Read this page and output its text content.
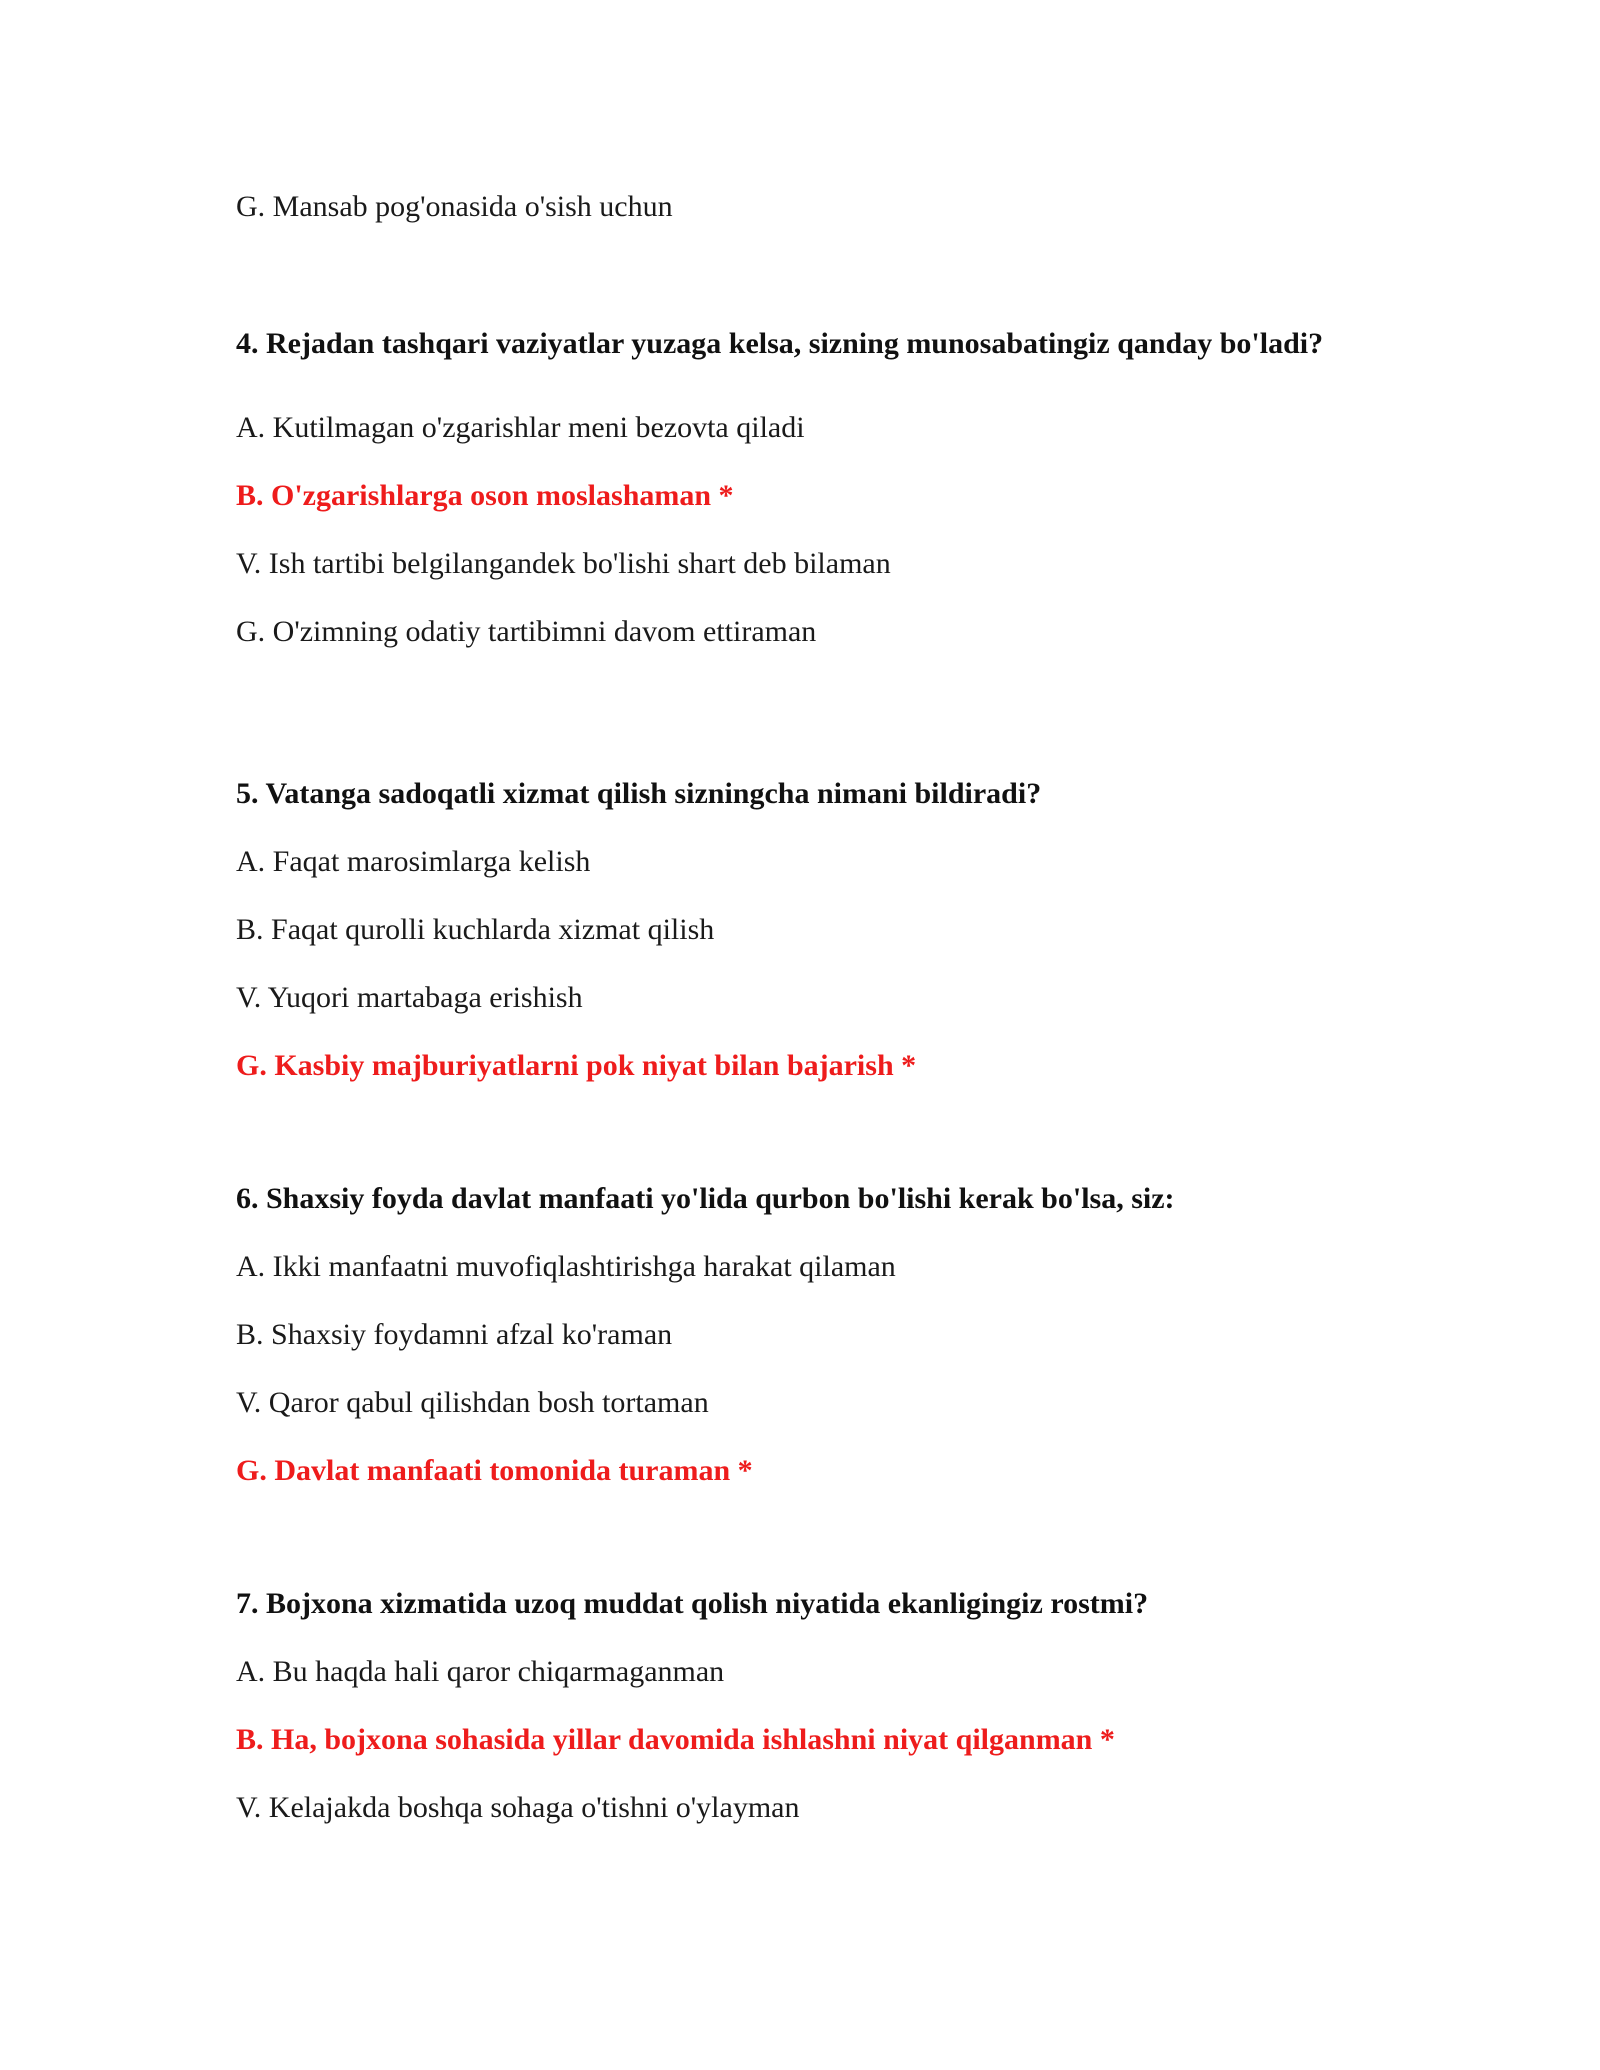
G. Mansab pog'onasida o'sish uchun

4. Rejadan tashqari vaziyatlar yuzaga kelsa, sizning munosabatingiz qanday bo'ladi?

A. Kutilmagan o'zgarishlar meni bezovta qiladi

B. O'zgarishlarga oson moslashaman *

V. Ish tartibi belgilangandek bo'lishi shart deb bilaman

G. O'zimning odatiy tartibimni davom ettiraman

5. Vatanga sadoqatli xizmat qilish sizningcha nimani bildiradi?

A. Faqat marosimlarga kelish

B. Faqat qurolli kuchlarda xizmat qilish

V. Yuqori martabaga erishish

G. Kasbiy majburiyatlarni pok niyat bilan bajarish *

6. Shaxsiy foyda davlat manfaati yo'lida qurbon bo'lishi kerak bo'lsa, siz:

A. Ikki manfaatni muvofiqlashtirishga harakat qilaman

B. Shaxsiy foydamni afzal ko'raman

V. Qaror qabul qilishdan bosh tortaman

G. Davlat manfaati tomonida turaman *

7. Bojxona xizmatida uzoq muddat qolish niyatida ekanligingiz rostmi?

A. Bu haqda hali qaror chiqarmaganman

B. Ha, bojxona sohasida yillar davomida ishlashni niyat qilganman *

V. Kelajakda boshqa sohaga o'tishni o'ylayman
